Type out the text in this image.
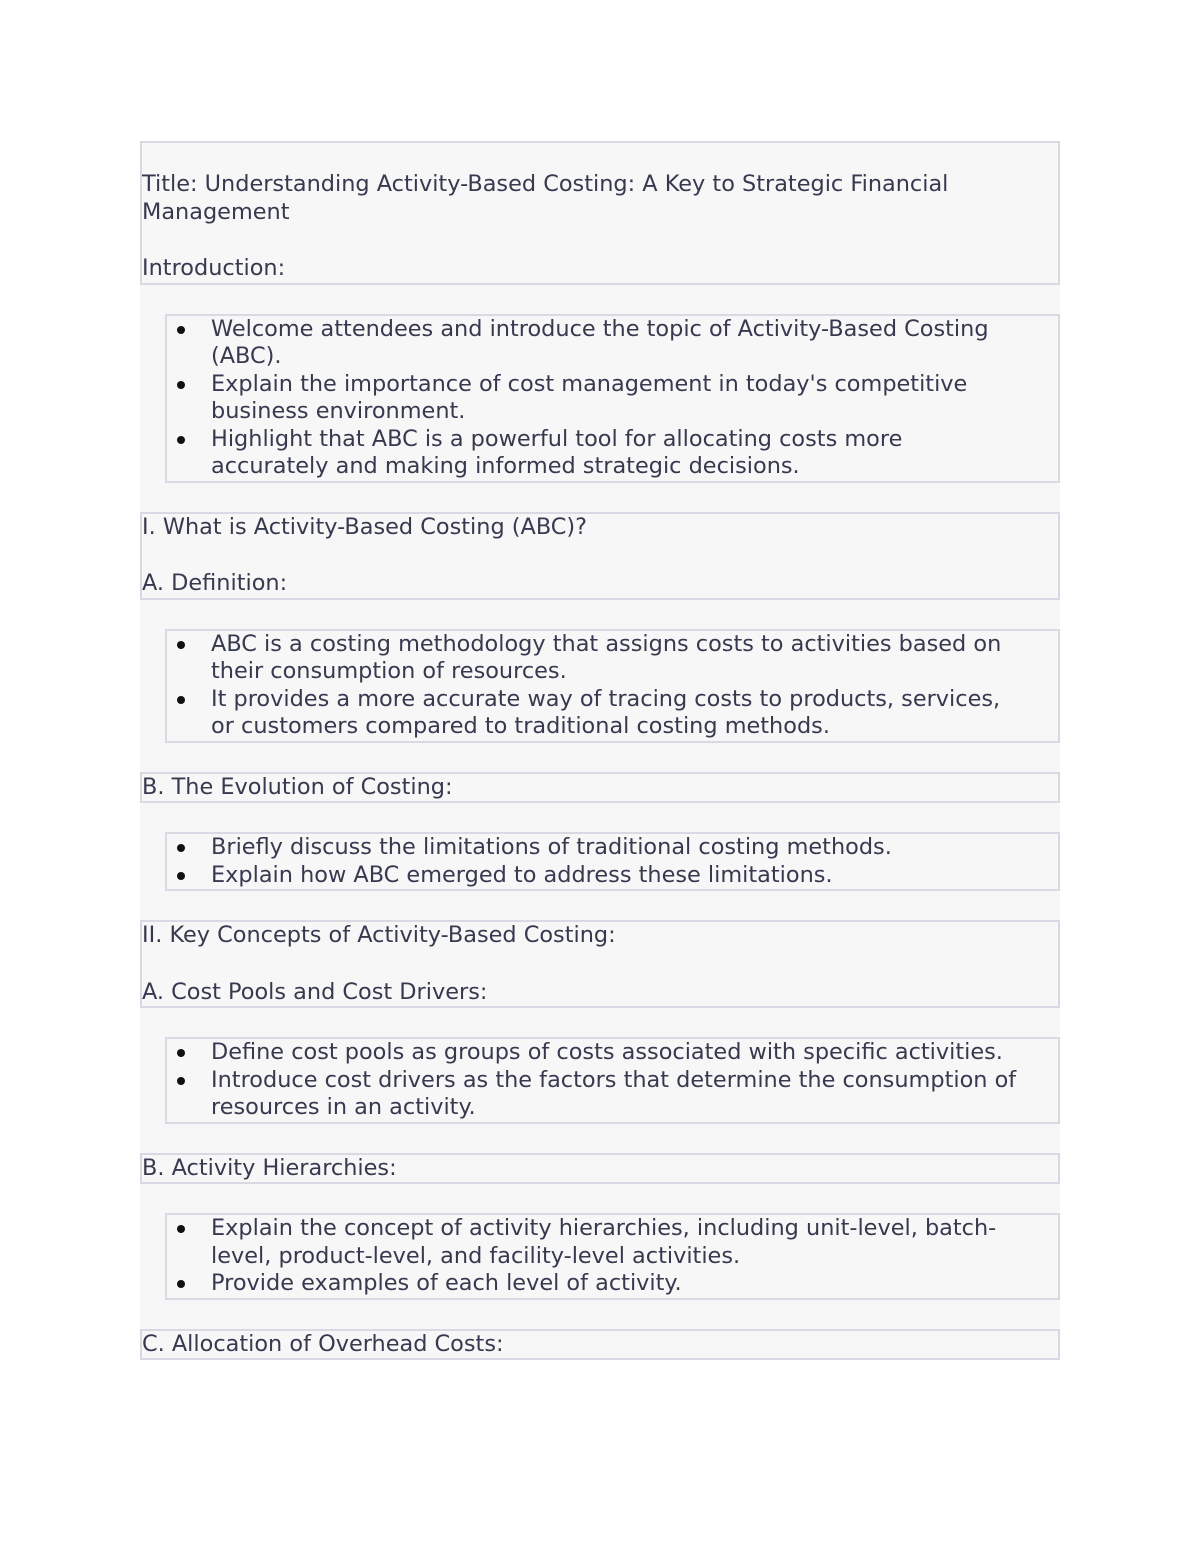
Title: Understanding Activity-Based Costing: A Key to Strategic Financial

Management

Introduction:

Welcome attendees and introduce the topic of Activity-Based Costing
(ABC).
Explain the importance of cost management in today's competitive
business environment.
Highlight that ABC is a powerful tool for allocating costs more
accurately and making informed strategic decisions.

I. What is Activity-Based Costing (ABC)?

A. Definition:

ABC is a costing methodology that assigns costs to activities based on
their consumption of resources.
It provides a more accurate way of tracing costs to products, services,
or customers compared to traditional costing methods.

B. The Evolution of Costing:

Briefly discuss the limitations of traditional costing methods.
Explain how ABC emerged to address these limitations.

II. Key Concepts of Activity-Based Costing:

A. Cost Pools and Cost Drivers:

Define cost pools as groups of costs associated with specific activities.
Introduce cost drivers as the factors that determine the consumption of
resources in an activity.

B. Activity Hierarchies:

Explain the concept of activity hierarchies, including unit-level, batch-
level, product-level, and facility-level activities.
Provide examples of each level of activity.

C. Allocation of Overhead Costs:
